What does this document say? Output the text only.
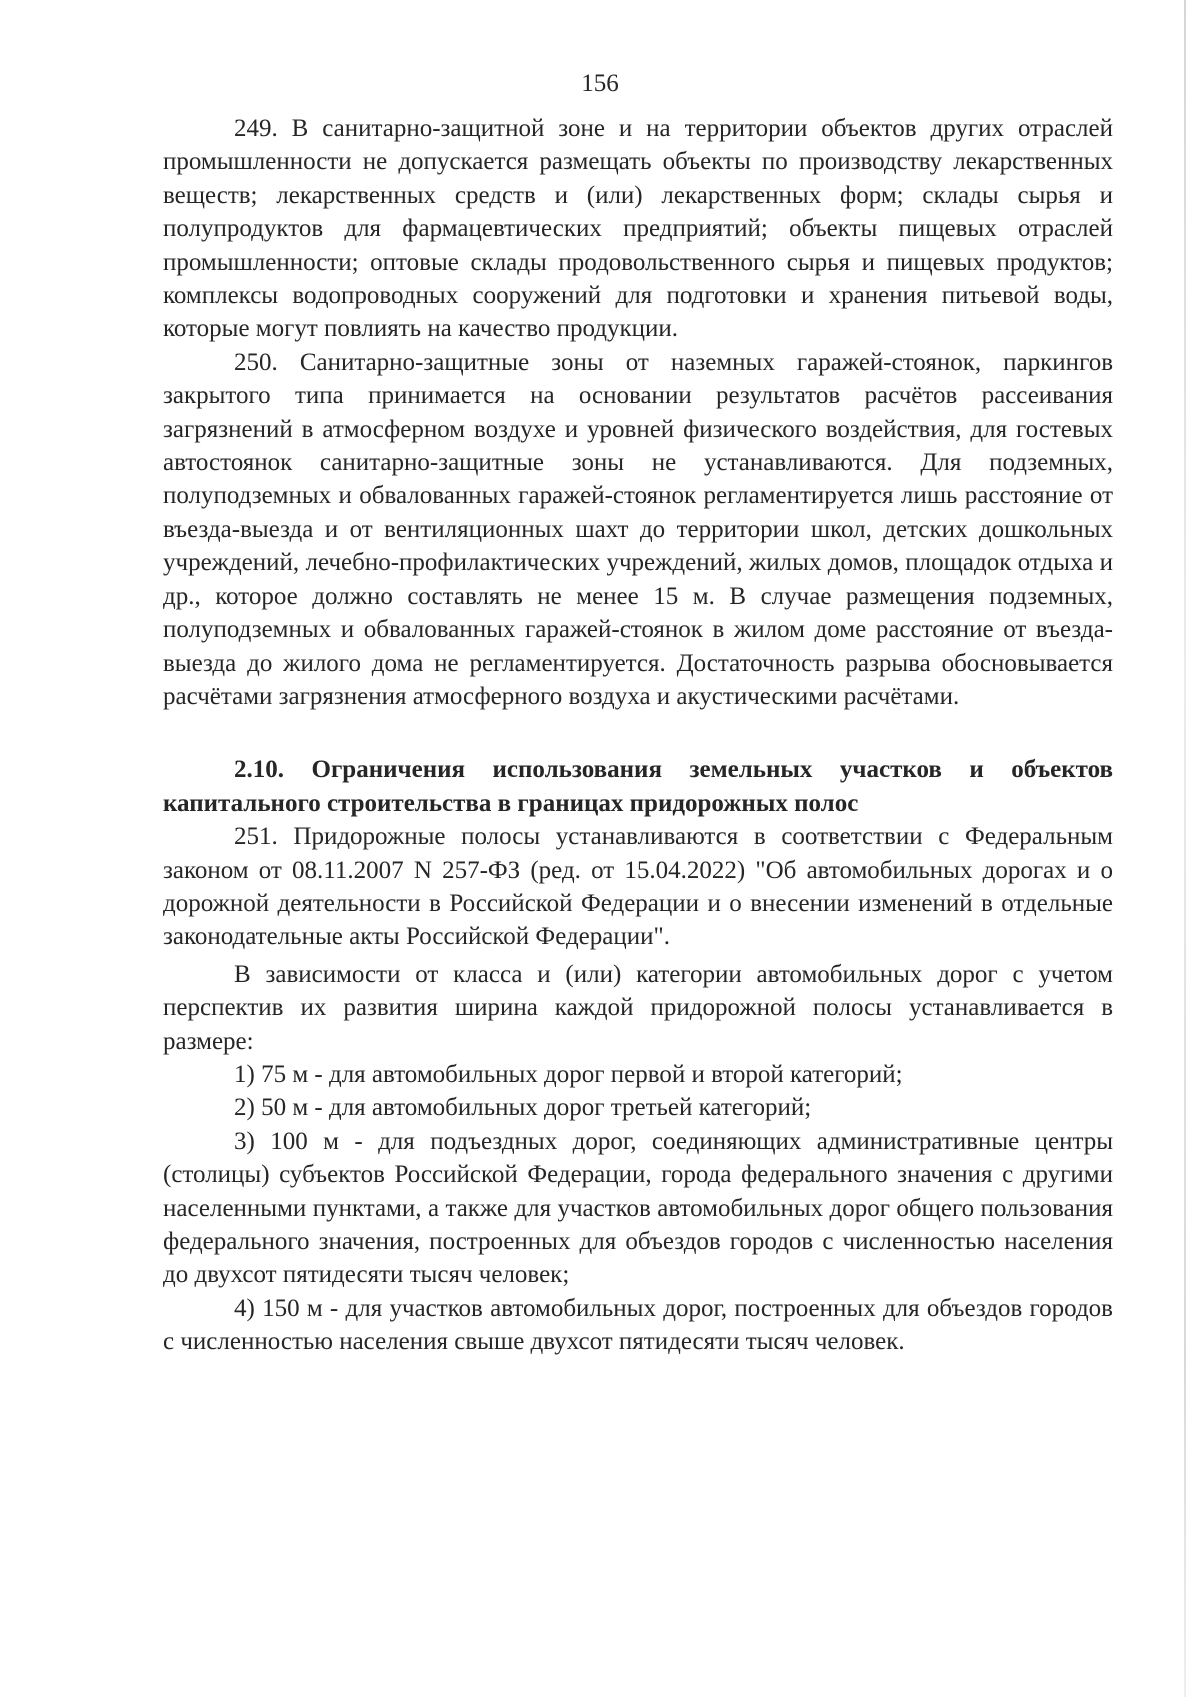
156

249. В санитарно-защитной зоне и на территории объектов других отраслей промышленности не допускается размещать объекты по производству лекарственных веществ; лекарственных средств и (или) лекарственных форм; склады сырья и полупродуктов для фармацевтических предприятий; объекты пищевых отраслей промышленности; оптовые склады продовольственного сырья и пищевых продуктов; комплексы водопроводных сооружений для подготовки и хранения питьевой воды, которые могут повлиять на качество продукции.

250. Санитарно-защитные зоны от наземных гаражей-стоянок, паркингов закрытого типа принимается на основании результатов расчётов рассеивания загрязнений в атмосферном воздухе и уровней физического воздействия, для гостевых автостоянок санитарно-защитные зоны не устанавливаются. Для подземных, полуподземных и обвалованных гаражей-стоянок регламентируется лишь расстояние от въезда-выезда и от вентиляционных шахт до территории школ, детских дошкольных учреждений, лечебно-профилактических учреждений, жилых домов, площадок отдыха и др., которое должно составлять не менее 15 м. В случае размещения подземных, полуподземных и обвалованных гаражей-стоянок в жилом доме расстояние от въезда-выезда до жилого дома не регламентируется. Достаточность разрыва обосновывается расчётами загрязнения атмосферного воздуха и акустическими расчётами.

2.10. Ограничения использования земельных участков и объектов капитального строительства в границах придорожных полос

251. Придорожные полосы устанавливаются в соответствии с Федеральным законом от 08.11.2007 N 257-ФЗ (ред. от 15.04.2022) "Об автомобильных дорогах и о дорожной деятельности в Российской Федерации и о внесении изменений в отдельные законодательные акты Российской Федерации".

В зависимости от класса и (или) категории автомобильных дорог с учетом перспектив их развития ширина каждой придорожной полосы устанавливается в размере:

1) 75 м - для автомобильных дорог первой и второй категорий;

2) 50 м - для автомобильных дорог третьей категорий;

3) 100 м - для подъездных дорог, соединяющих административные центры (столицы) субъектов Российской Федерации, города федерального значения с другими населенными пунктами, а также для участков автомобильных дорог общего пользования федерального значения, построенных для объездов городов с численностью населения до двухсот пятидесяти тысяч человек;

4) 150 м - для участков автомобильных дорог, построенных для объездов городов с численностью населения свыше двухсот пятидесяти тысяч человек.
